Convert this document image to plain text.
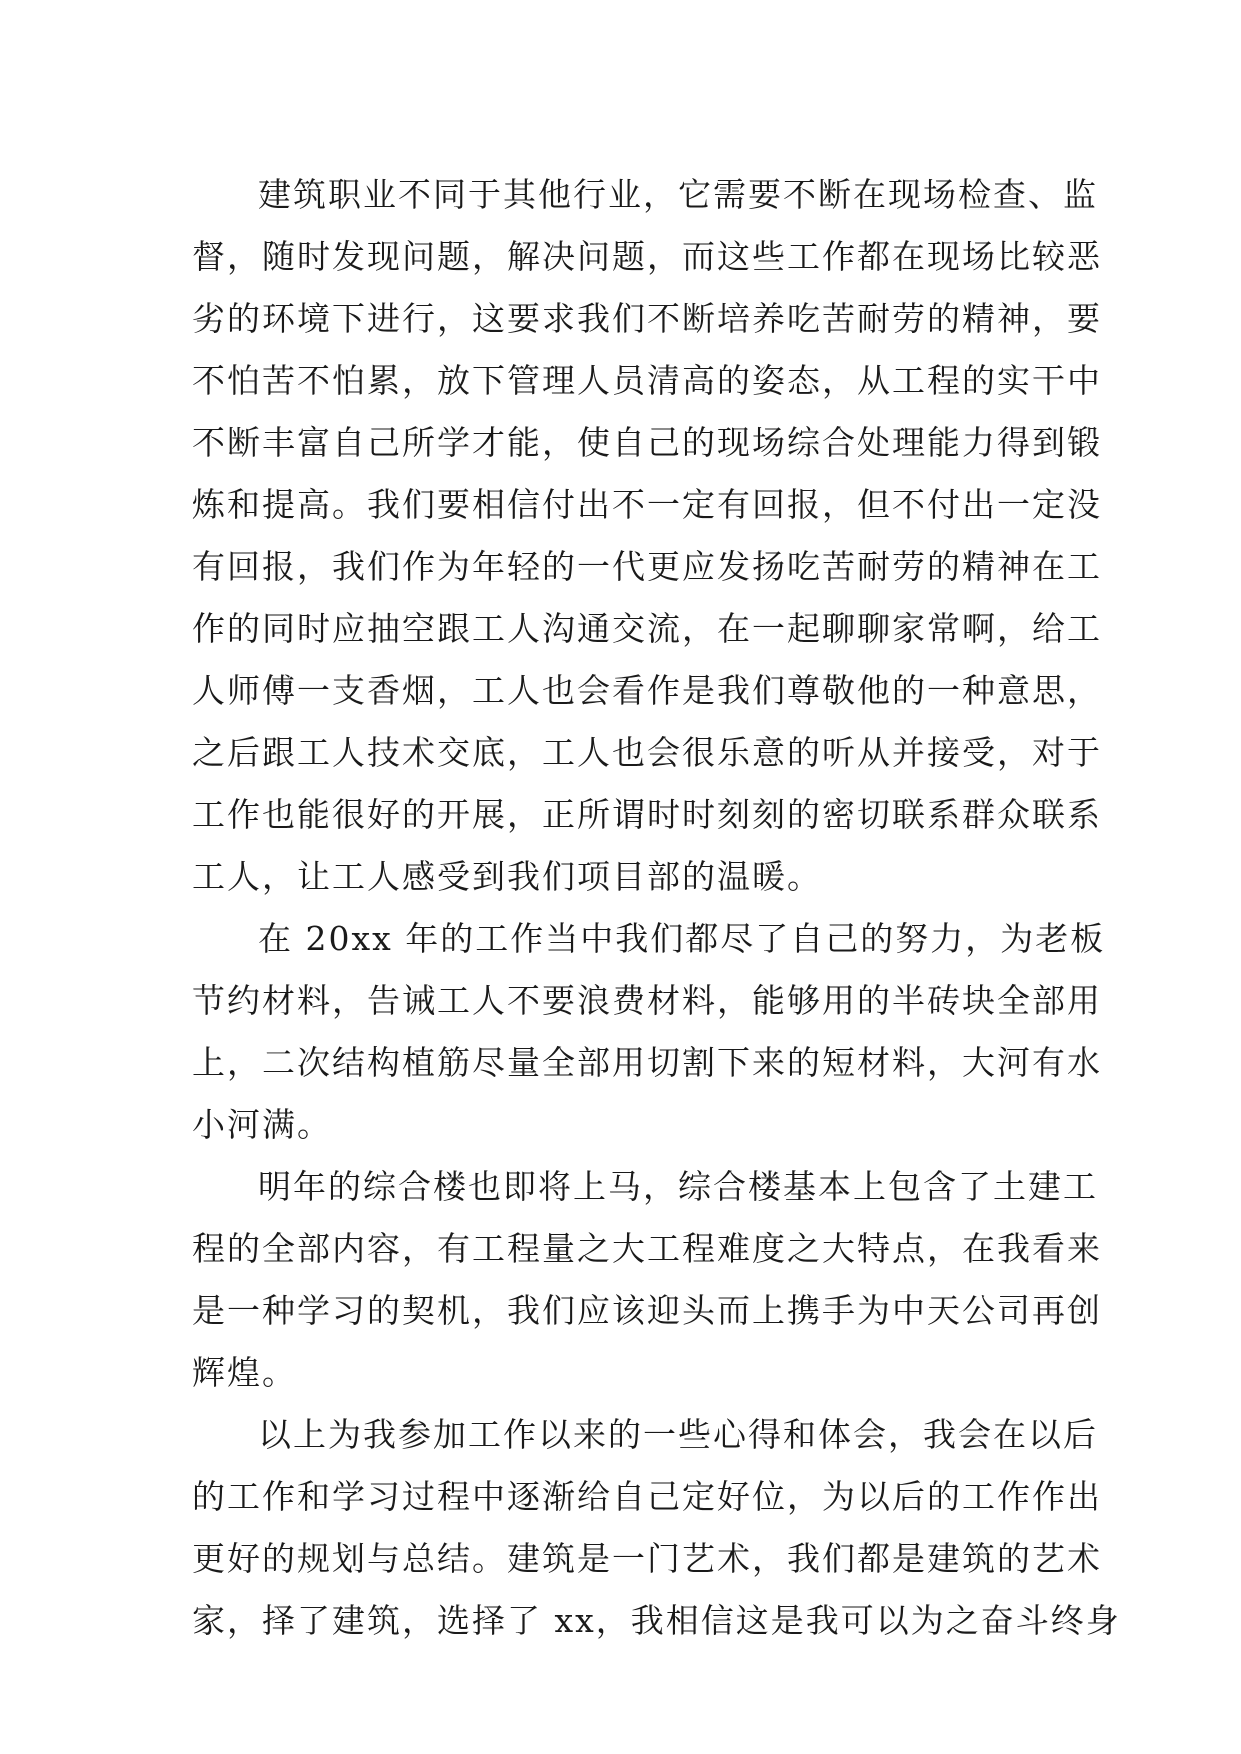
建筑职业不同于其他行业，它需要不断在现场检查、监
督，随时发现问题，解决问题，而这些工作都在现场比较恶
劣的环境下进行，这要求我们不断培养吃苦耐劳的精神，要
不怕苦不怕累，放下管理人员清高的姿态，从工程的实干中
不断丰富自己所学才能，使自己的现场综合处理能力得到锻
炼和提高。我们要相信付出不一定有回报，但不付出一定没
有回报，我们作为年轻的一代更应发扬吃苦耐劳的精神在工
作的同时应抽空跟工人沟通交流，在一起聊聊家常啊，给工
人师傅一支香烟，工人也会看作是我们尊敬他的一种意思，
之后跟工人技术交底，工人也会很乐意的听从并接受，对于
工作也能很好的开展，正所谓时时刻刻的密切联系群众联系
工人，让工人感受到我们项目部的温暖。
在 20xx 年的工作当中我们都尽了自己的努力，为老板
节约材料，告诫工人不要浪费材料，能够用的半砖块全部用
上，二次结构植筋尽量全部用切割下来的短材料，大河有水
小河满。
明年的综合楼也即将上马，综合楼基本上包含了土建工
程的全部内容，有工程量之大工程难度之大特点，在我看来
是一种学习的契机，我们应该迎头而上携手为中天公司再创
辉煌。
以上为我参加工作以来的一些心得和体会，我会在以后
的工作和学习过程中逐渐给自己定好位，为以后的工作作出
更好的规划与总结。建筑是一门艺术，我们都是建筑的艺术
家，择了建筑，选择了 xx，我相信这是我可以为之奋斗终身
